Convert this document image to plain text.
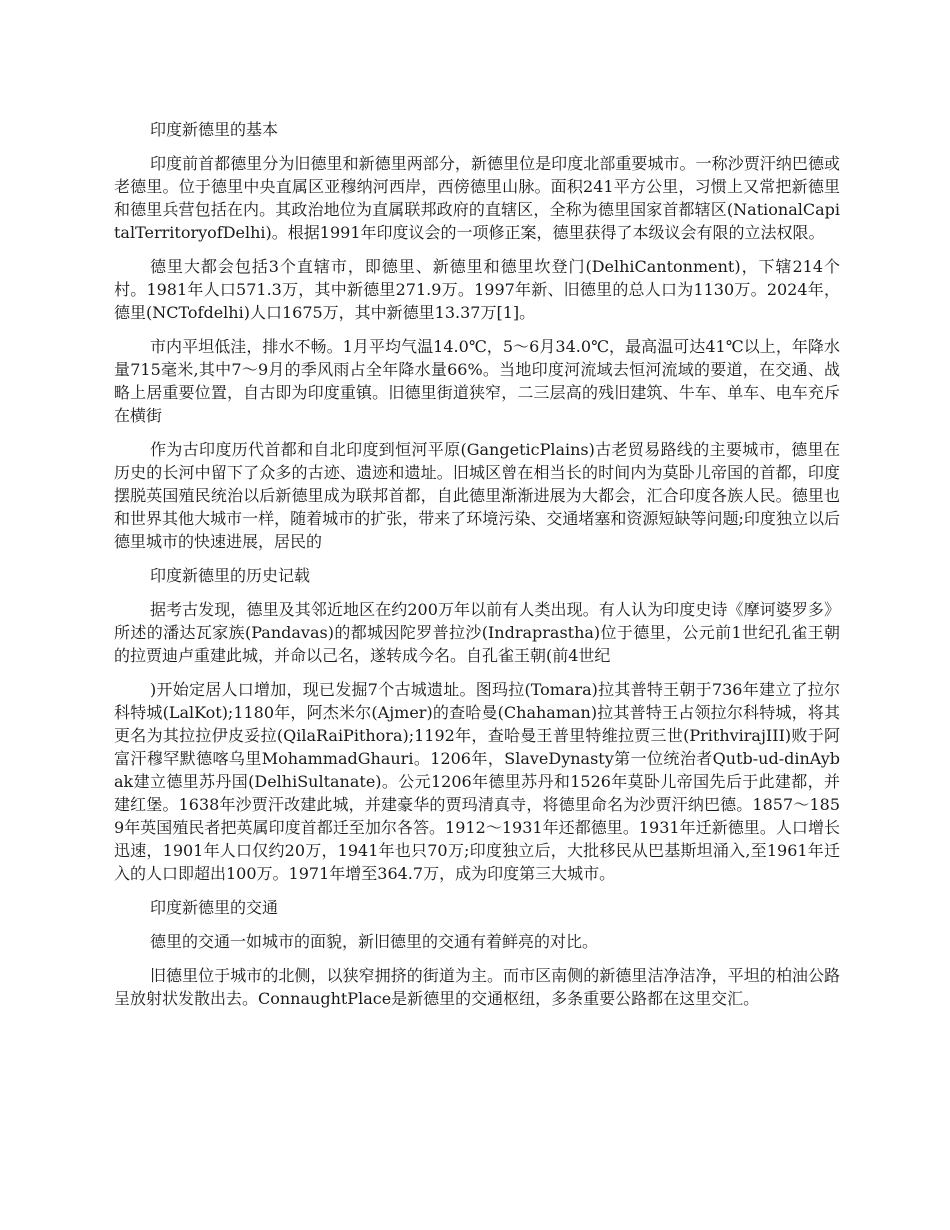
印度新德里的基本

印度前首都德里分为旧德里和新德里两部分，新德里位是印度北部重要城市。一称沙贾汗纳巴德或老德里。位于德里中央直属区亚穆纳河西岸，西傍德里山脉。面积241平方公里，习惯上又常把新德里和德里兵营包括在内。其政治地位为直属联邦政府的直辖区，全称为德里国家首都辖区(NationalCapitalTerritoryofDelhi)。根据1991年印度议会的一项修正案，德里获得了本级议会有限的立法权限。

德里大都会包括3个直辖市，即德里、新德里和德里坎登门(DelhiCantonment)，下辖214个村。1981年人口571.3万，其中新德里271.9万。1997年新、旧德里的总人口为1130万。2024年，德里(NCTofdelhi)人口1675万，其中新德里13.37万[1]。

市内平坦低洼，排水不畅。1月平均气温14.0℃，5～6月34.0℃，最高温可达41℃以上，年降水量715毫米,其中7～9月的季风雨占全年降水量66%。当地印度河流域去恒河流域的要道，在交通、战略上居重要位置，自古即为印度重镇。旧德里街道狭窄，二三层高的残旧建筑、牛车、单车、电车充斥在横街

作为古印度历代首都和自北印度到恒河平原(GangeticPlains)古老贸易路线的主要城市，德里在历史的长河中留下了众多的古迹、遗迹和遗址。旧城区曾在相当长的时间内为莫卧儿帝国的首都，印度摆脱英国殖民统治以后新德里成为联邦首都，自此德里渐渐进展为大都会，汇合印度各族人民。德里也和世界其他大城市一样，随着城市的扩张，带来了环境污染、交通堵塞和资源短缺等问题;印度独立以后德里城市的快速进展，居民的

印度新德里的历史记载

据考古发现，德里及其邻近地区在约200万年以前有人类出现。有人认为印度史诗《摩诃婆罗多》所述的潘达瓦家族(Pandavas)的都城因陀罗普拉沙(Indraprastha)位于德里，公元前1世纪孔雀王朝的拉贾迪卢重建此城，并命以己名，遂转成今名。自孔雀王朝(前4世纪

)开始定居人口增加，现已发掘7个古城遗址。图玛拉(Tomara)拉其普特王朝于736年建立了拉尔科特城(LalKot);1180年，阿杰米尔(Ajmer)的查哈曼(Chahaman)拉其普特王占领拉尔科特城，将其更名为其拉拉伊皮妥拉(QilaRaiPithora);1192年，查哈曼王普里特维拉贾三世(PrithvirajIII)败于阿富汗穆罕默德喀乌里MohammadGhauri。1206年，SlaveDynasty第一位统治者Qutb-ud-dinAybak建立德里苏丹国(DelhiSultanate)。公元1206年德里苏丹和1526年莫卧儿帝国先后于此建都，并建红堡。1638年沙贾汗改建此城，并建豪华的贾玛清真寺，将德里命名为沙贾汗纳巴德。1857～1859年英国殖民者把英属印度首都迁至加尔各答。1912～1931年还都德里。1931年迁新德里。人口增长迅速，1901年人口仅约20万，1941年也只70万;印度独立后，大批移民从巴基斯坦涌入,至1961年迁入的人口即超出100万。1971年增至364.7万，成为印度第三大城市。

印度新德里的交通

德里的交通一如城市的面貌，新旧德里的交通有着鲜亮的对比。

旧德里位于城市的北侧，以狭窄拥挤的街道为主。而市区南侧的新德里洁净洁净，平坦的柏油公路呈放射状发散出去。ConnaughtPlace是新德里的交通枢纽，多条重要公路都在这里交汇。
